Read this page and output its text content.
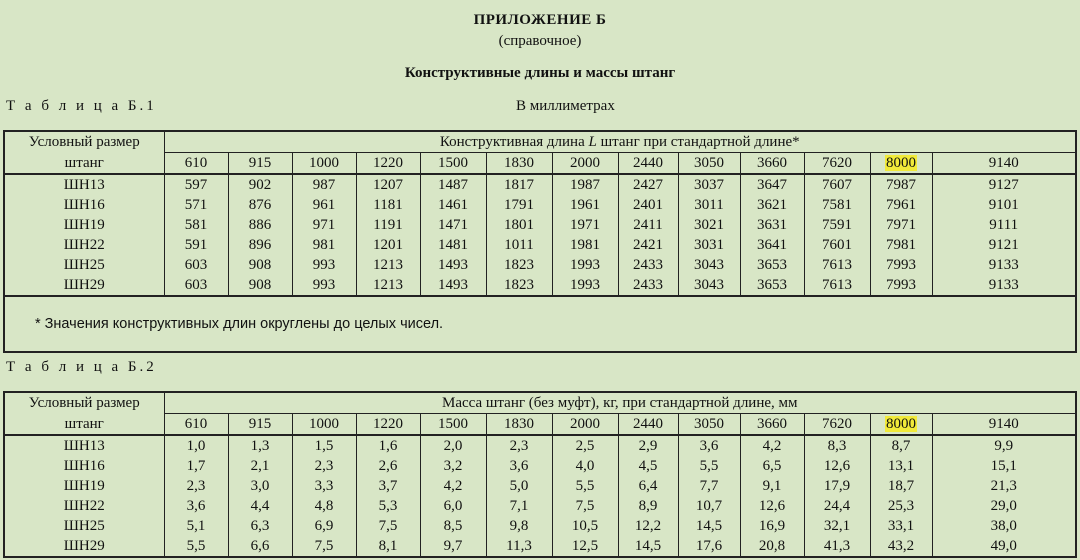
ПРИЛОЖЕНИЕ Б
(справочное)
Конструктивные длины и массы штанг
Т а б л и ц а Б.1	В миллиметрах
Т а б л и ц а Б.2
Условный размер	Конструктивная длина L штанг при стандартной длине*												
штанг	610	915	1000	1220	1500	1830	2000	2440	3050	3660	7620	8000	9140
ШН13	597	902	987	1207	1487	1817	1987	2427	3037	3647	7607	7987	9127
ШН16	571	876	961	1181	1461	1791	1961	2401	3011	3621	7581	7961	9101
ШН19	581	886	971	1191	1471	1801	1971	2411	3021	3631	7591	7971	9111
ШН22	591	896	981	1201	1481	1011	1981	2421	3031	3641	7601	7981	9121
ШН25	603	908	993	1213	1493	1823	1993	2433	3043	3653	7613	7993	9133
ШН29	603	908	993	1213	1493	1823	1993	2433	3043	3653	7613	7993	9133
* Значения конструктивных длин округлены до целых чисел.													
Условный размер	Масса штанг (без муфт), кг, при стандартной длине, мм												
штанг	610	915	1000	1220	1500	1830	2000	2440	3050	3660	7620	8000	9140
ШН13	1,0	1,3	1,5	1,6	2,0	2,3	2,5	2,9	3,6	4,2	8,3	8,7	9,9
ШН16	1,7	2,1	2,3	2,6	3,2	3,6	4,0	4,5	5,5	6,5	12,6	13,1	15,1
ШН19	2,3	3,0	3,3	3,7	4,2	5,0	5,5	6,4	7,7	9,1	17,9	18,7	21,3
ШН22	3,6	4,4	4,8	5,3	6,0	7,1	7,5	8,9	10,7	12,6	24,4	25,3	29,0
ШН25	5,1	6,3	6,9	7,5	8,5	9,8	10,5	12,2	14,5	16,9	32,1	33,1	38,0
ШН29	5,5	6,6	7,5	8,1	9,7	11,3	12,5	14,5	17,6	20,8	41,3	43,2	49,0
